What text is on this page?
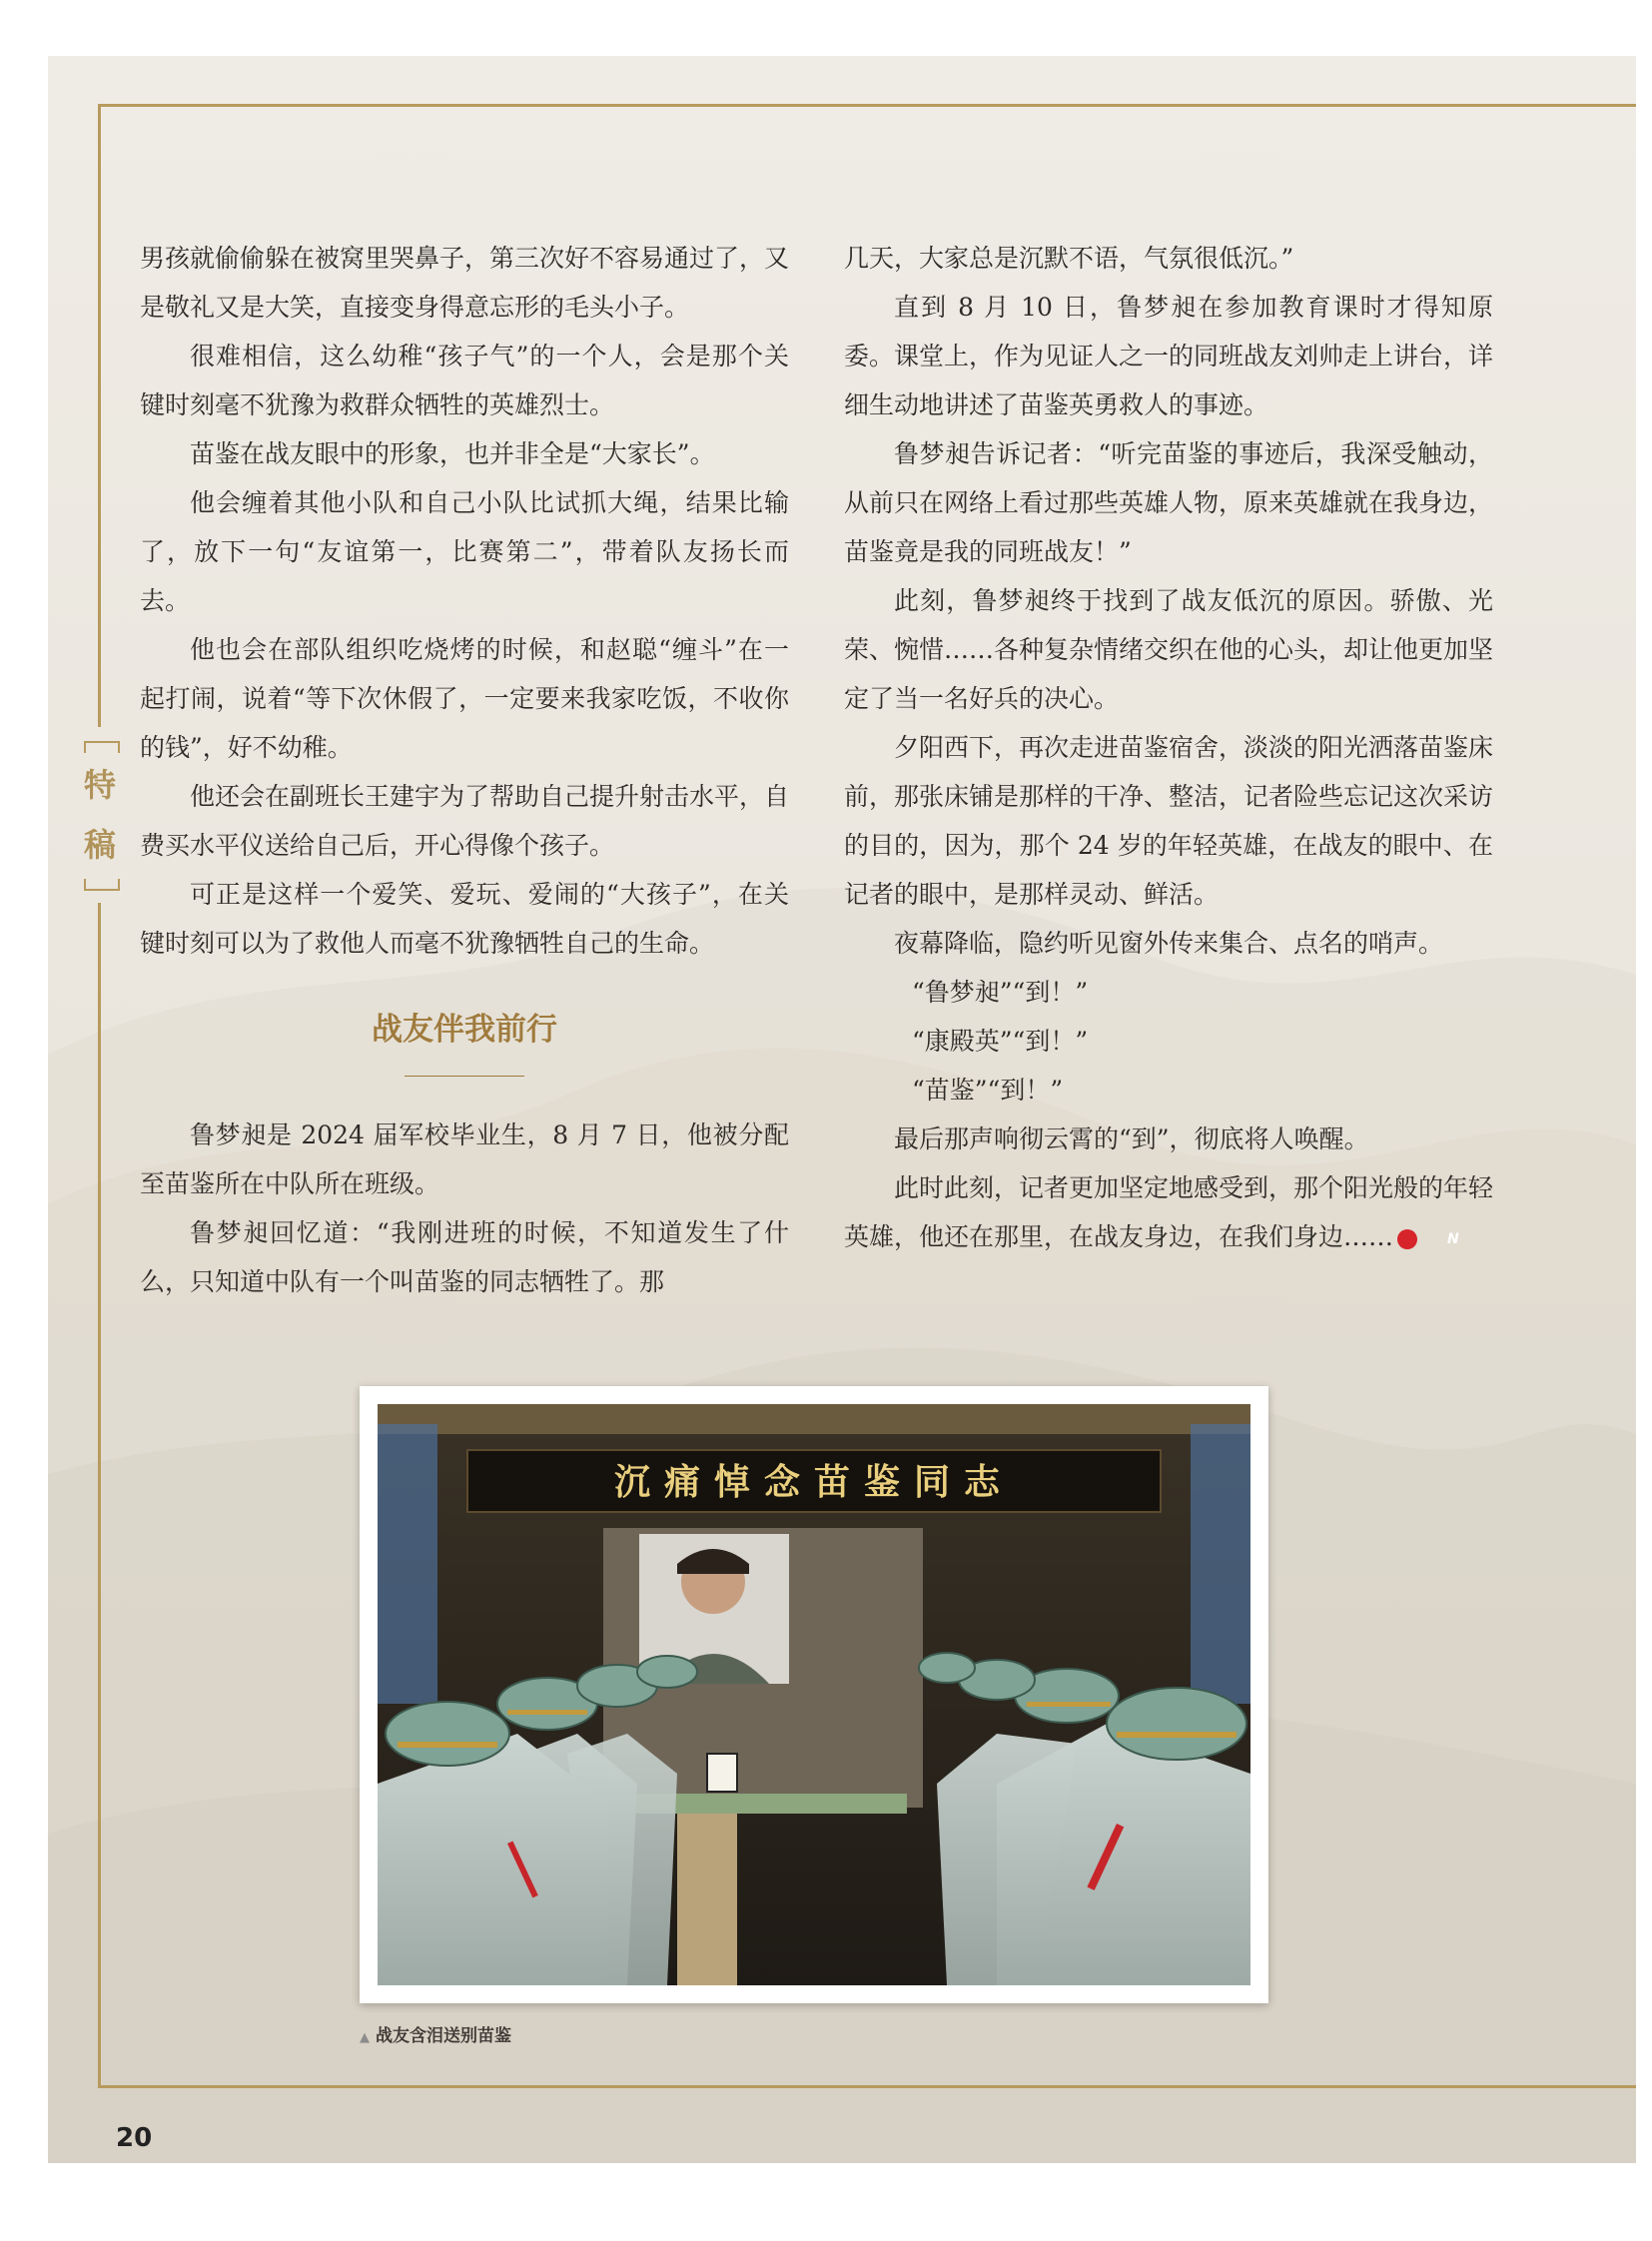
特
稿

男孩就偷偷躲在被窝里哭鼻子，第三次好不容易通过了，又是敬礼又是大笑，直接变身得意忘形的毛头小子。

很难相信，这么幼稚“孩子气”的一个人，会是那个关键时刻毫不犹豫为救群众牺牲的英雄烈士。

苗鉴在战友眼中的形象，也并非全是“大家长”。

他会缠着其他小队和自己小队比试抓大绳，结果比输了，放下一句“友谊第一，比赛第二”，带着队友扬长而去。

他也会在部队组织吃烧烤的时候，和赵聪“缠斗”在一起打闹，说着“等下次休假了，一定要来我家吃饭，不收你的钱”，好不幼稚。

他还会在副班长王建宇为了帮助自己提升射击水平，自费买水平仪送给自己后，开心得像个孩子。

可正是这样一个爱笑、爱玩、爱闹的“大孩子”，在关键时刻可以为了救他人而毫不犹豫牺牲自己的生命。

战友伴我前行

鲁梦昶是 2024 届军校毕业生，8 月 7 日，他被分配至苗鉴所在中队所在班级。

鲁梦昶回忆道：“我刚进班的时候，不知道发生了什么，只知道中队有一个叫苗鉴的同志牺牲了。那

几天，大家总是沉默不语，气氛很低沉。”

直到 8 月 10 日，鲁梦昶在参加教育课时才得知原委。课堂上，作为见证人之一的同班战友刘帅走上讲台，详细生动地讲述了苗鉴英勇救人的事迹。

鲁梦昶告诉记者：“听完苗鉴的事迹后，我深受触动，从前只在网络上看过那些英雄人物，原来英雄就在我身边，苗鉴竟是我的同班战友！”

此刻，鲁梦昶终于找到了战友低沉的原因。骄傲、光荣、惋惜……各种复杂情绪交织在他的心头，却让他更加坚定了当一名好兵的决心。

夕阳西下，再次走进苗鉴宿舍，淡淡的阳光洒落苗鉴床前，那张床铺是那样的干净、整洁，记者险些忘记这次采访的目的，因为，那个 24 岁的年轻英雄，在战友的眼中、在记者的眼中，是那样灵动、鲜活。

夜幕降临，隐约听见窗外传来集合、点名的哨声。

“鲁梦昶”“到！”

“康殿英”“到！”

“苗鉴”“到！”

最后那声响彻云霄的“到”，彻底将人唤醒。

此时此刻，记者更加坚定地感受到，那个阳光般的年轻英雄，他还在那里，在战友身边，在我们身边……	N

沉痛悼念苗鉴同志
▲ 战友含泪送别苗鉴
20
